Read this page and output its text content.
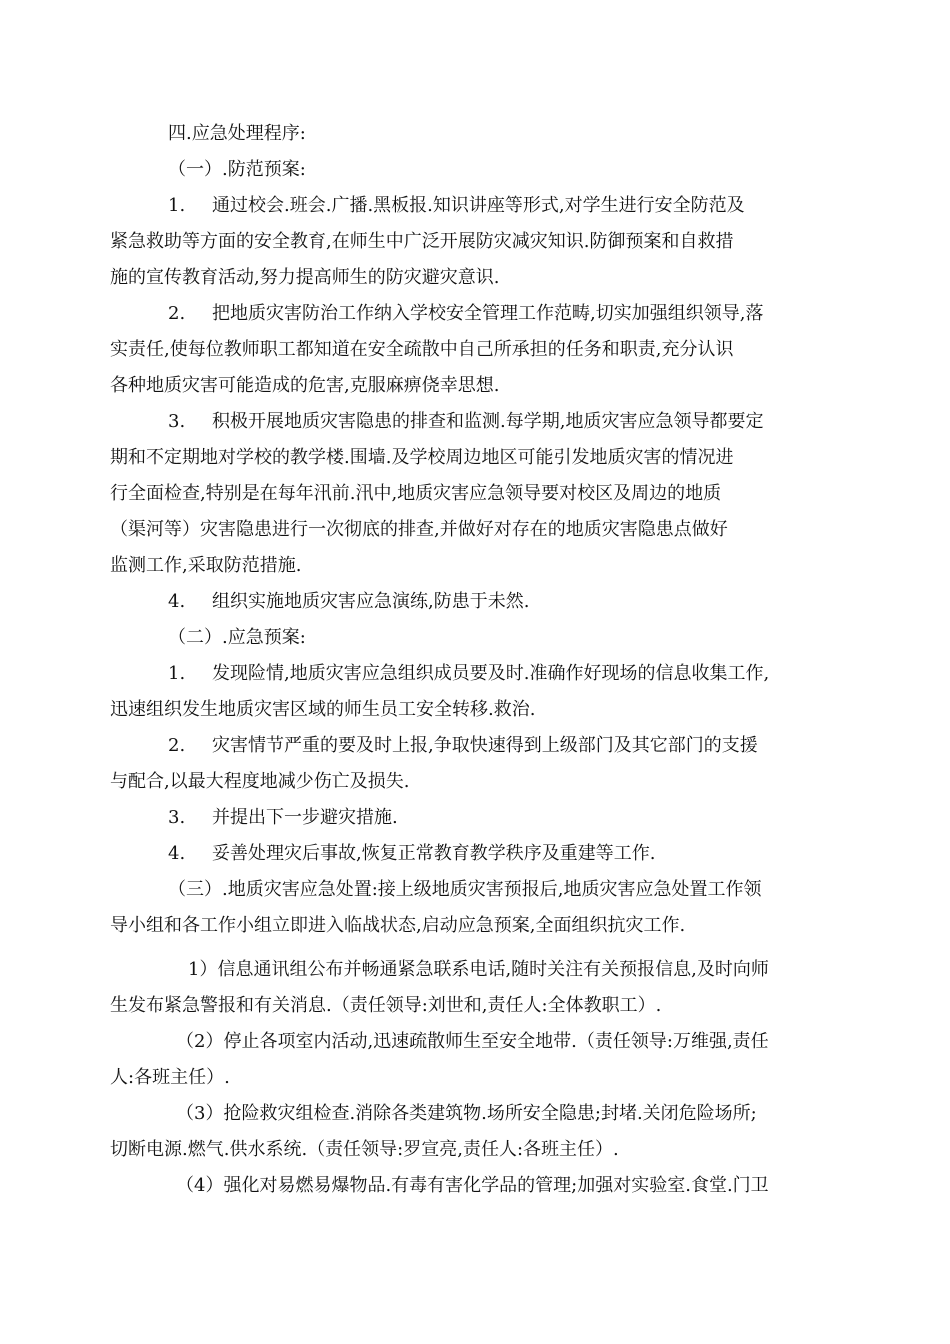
四.应急处理程序:
（一）.防范预案:
1. 通过校会.班会.广播.黑板报.知识讲座等形式,对学生进行安全防范及
紧急救助等方面的安全教育,在师生中广泛开展防灾减灾知识.防御预案和自救措
施的宣传教育活动,努力提高师生的防灾避灾意识.
2. 把地质灾害防治工作纳入学校安全管理工作范畴,切实加强组织领导,落
实责任,使每位教师职工都知道在安全疏散中自己所承担的任务和职责,充分认识
各种地质灾害可能造成的危害,克服麻痹侥幸思想.
3. 积极开展地质灾害隐患的排查和监测.每学期,地质灾害应急领导都要定
期和不定期地对学校的教学楼.围墙.及学校周边地区可能引发地质灾害的情况进
行全面检查,特别是在每年汛前.汛中,地质灾害应急领导要对校区及周边的地质
（渠河等）灾害隐患进行一次彻底的排查,并做好对存在的地质灾害隐患点做好
监测工作,采取防范措施.
4. 组织实施地质灾害应急演练,防患于未然.
（二）.应急预案:
1. 发现险情,地质灾害应急组织成员要及时.准确作好现场的信息收集工作,
迅速组织发生地质灾害区域的师生员工安全转移.救治.
2. 灾害情节严重的要及时上报,争取快速得到上级部门及其它部门的支援
与配合,以最大程度地减少伤亡及损失.
3. 并提出下一步避灾措施.
4. 妥善处理灾后事故,恢复正常教育教学秩序及重建等工作.
（三）.地质灾害应急处置:接上级地质灾害预报后,地质灾害应急处置工作领
导小组和各工作小组立即进入临战状态,启动应急预案,全面组织抗灾工作.
1）信息通讯组公布并畅通紧急联系电话,随时关注有关预报信息,及时向师
生发布紧急警报和有关消息.（责任领导:刘世和,责任人:全体教职工）.
（2）停止各项室内活动,迅速疏散师生至安全地带.（责任领导:万维强,责任
人:各班主任）.
（3）抢险救灾组检查.消除各类建筑物.场所安全隐患;封堵.关闭危险场所;
切断电源.燃气.供水系统.（责任领导:罗宣亮,责任人:各班主任）.
（4）强化对易燃易爆物品.有毒有害化学品的管理;加强对实验室.食堂.门卫
